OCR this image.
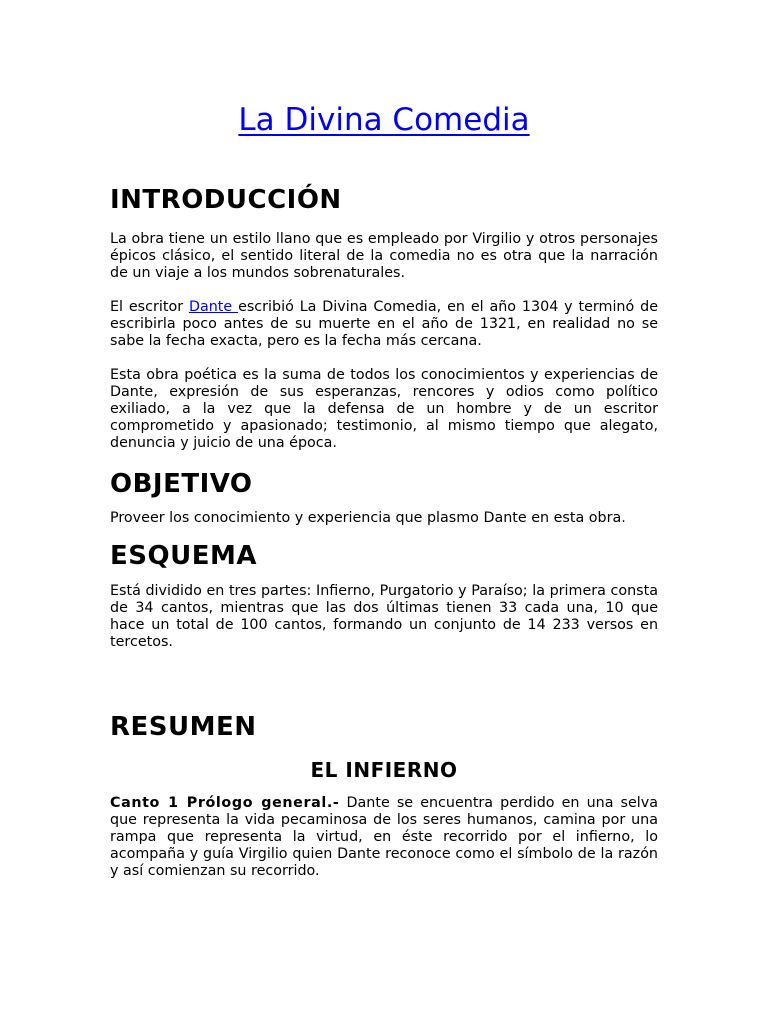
La Divina Comedia
INTRODUCCIÓN

La obra tiene un estilo llano que es empleado por Virgilio y otros personajes épicos clásico, el sentido literal de la comedia no es otra que la narración de un viaje a los mundos sobrenaturales.

El escritor Dante escribió La Divina Comedia, en el año 1304 y terminó de escribirla poco antes de su muerte en el año de 1321, en realidad no se sabe la fecha exacta, pero es la fecha más cercana.

Esta obra poética es la suma de todos los conocimientos y experiencias de Dante, expresión de sus esperanzas, rencores y odios como político exiliado, a la vez que la defensa de un hombre y de un escritor comprometido y apasionado; testimonio, al mismo tiempo que alegato, denuncia y juicio de una época.

OBJETIVO

Proveer los conocimiento y experiencia que plasmo Dante en esta obra.

ESQUEMA

Está dividido en tres partes: Infierno, Purgatorio y Paraíso; la primera consta de 34 cantos, mientras que las dos últimas tienen 33 cada una, 10 que hace un total de 100 cantos, formando un conjunto de 14 233 versos en tercetos.

RESUMEN
EL INFIERNO

Canto 1 Prólogo general.- Dante se encuentra perdido en una selva que representa la vida pecaminosa de los seres humanos, camina por una rampa que representa la virtud, en éste recorrido por el infierno, lo acompaña y guía Virgilio quien Dante reconoce como el símbolo de la razón y así comienzan su recorrido.
